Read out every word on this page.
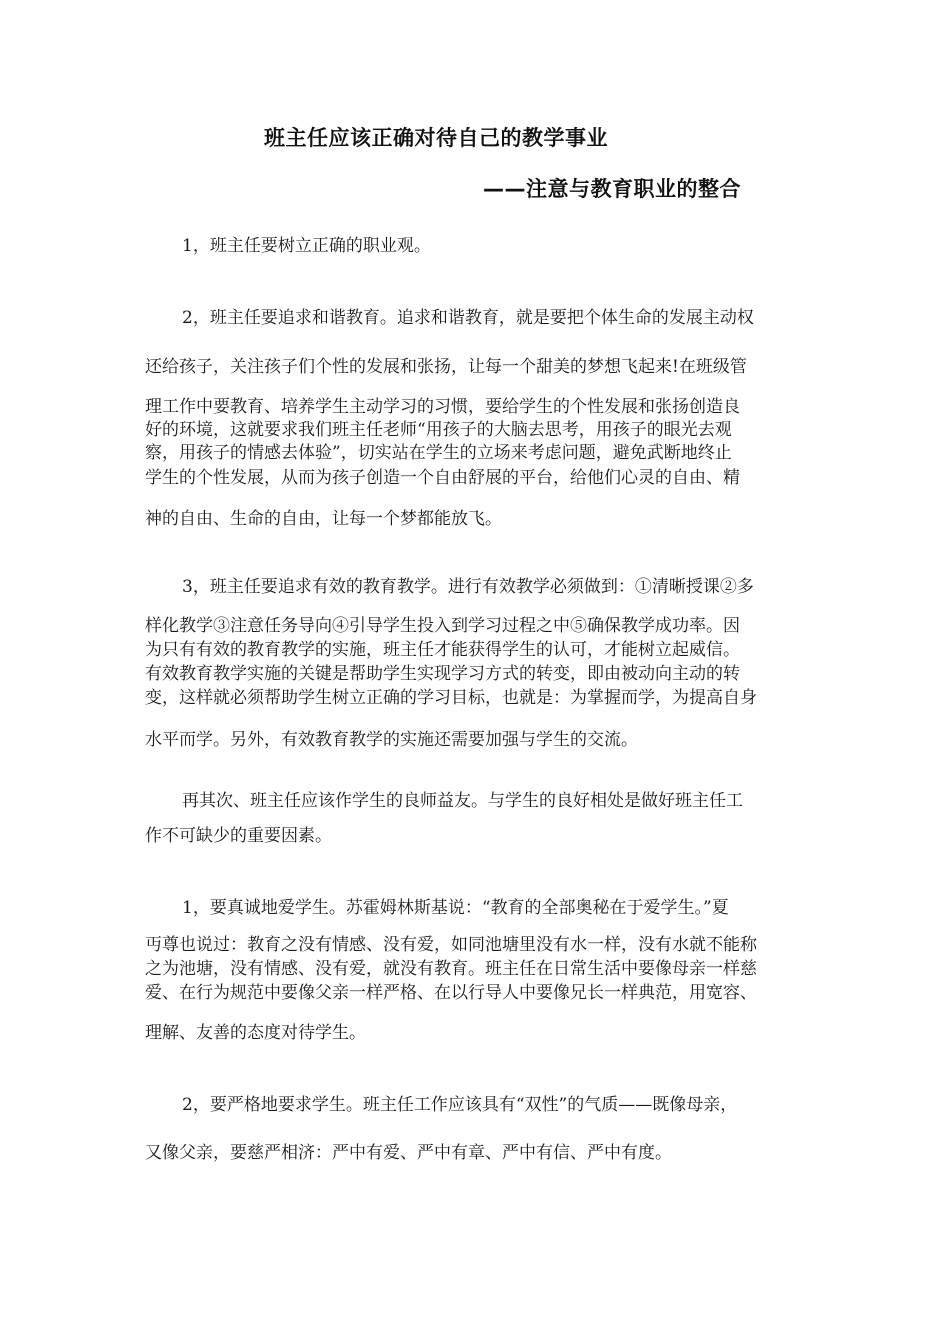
班主任应该正确对待自己的教学事业
——注意与教育职业的整合
1，班主任要树立正确的职业观。
2，班主任要追求和谐教育。追求和谐教育，就是要把个体生命的发展主动权
还给孩子，关注孩子们个性的发展和张扬，让每一个甜美的梦想飞起来!在班级管
理工作中要教育、培养学生主动学习的习惯，要给学生的个性发展和张扬创造良
好的环境，这就要求我们班主任老师“用孩子的大脑去思考，用孩子的眼光去观
察，用孩子的情感去体验”，切实站在学生的立场来考虑问题，避免武断地终止
学生的个性发展，从而为孩子创造一个自由舒展的平台，给他们心灵的自由、精
神的自由、生命的自由，让每一个梦都能放飞。
3，班主任要追求有效的教育教学。进行有效教学必须做到：①清晰授课②多
样化教学③注意任务导向④引导学生投入到学习过程之中⑤确保教学成功率。因
为只有有效的教育教学的实施，班主任才能获得学生的认可，才能树立起威信。
有效教育教学实施的关键是帮助学生实现学习方式的转变，即由被动向主动的转
变，这样就必须帮助学生树立正确的学习目标，也就是：为掌握而学，为提高自身
水平而学。另外，有效教育教学的实施还需要加强与学生的交流。
再其次、班主任应该作学生的良师益友。与学生的良好相处是做好班主任工
作不可缺少的重要因素。
1，要真诚地爱学生。苏霍姆林斯基说：“教育的全部奥秘在于爱学生。”夏
丏尊也说过：教育之没有情感、没有爱，如同池塘里没有水一样，没有水就不能称
之为池塘，没有情感、没有爱，就没有教育。班主任在日常生活中要像母亲一样慈
爱、在行为规范中要像父亲一样严格、在以行导人中要像兄长一样典范，用宽容、
理解、友善的态度对待学生。
2，要严格地要求学生。班主任工作应该具有“双性”的气质——既像母亲，
又像父亲，要慈严相济：严中有爱、严中有章、严中有信、严中有度。
